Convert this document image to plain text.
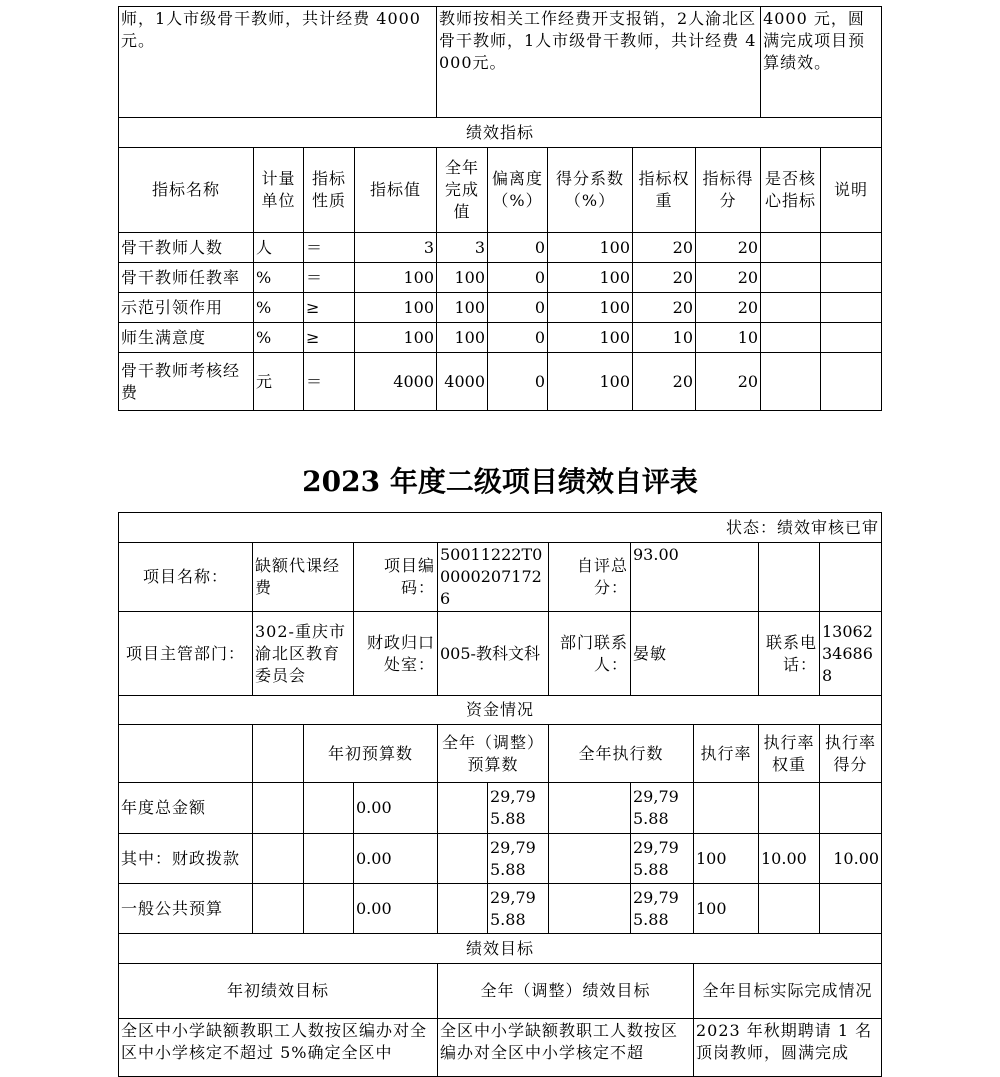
师，1人市级骨干教师，共计经费 4000元。				教师按相关工作经费开支报销，2人渝北区骨干教师，1人市级骨干教师，共计经费 4000元。					4000 元，圆满完成项目预算绩效。	
绩效指标										
指标名称	计量单位	指标性质	指标值	全年完成值	偏离度（%）	得分系数（%）	指标权重	指标得分	是否核心指标	说明
骨干教师人数	人	＝	3	3	0	100	20	20		
骨干教师任教率	%	＝	100	100	0	100	20	20		
示范引领作用	%	≥	100	100	0	100	20	20		
师生满意度	%	≥	100	100	0	100	10	10		
骨干教师考核经费	元	＝	4000	4000	0	100	20	20		
2023 年度二级项目绩效自评表
状态：绩效审核已审										
项目名称：	缺额代课经费		项目编码：	50011222T000002071726		自评总分：	93.00			
项目主管部门：	302-重庆市渝北区教育委员会		财政归口处室：	005-教科文科		部门联系人：	晏敏		联系电话：	13062346868
资金情况										
		年初预算数		全年（调整）预算数		全年执行数		执行率	执行率权重	执行率得分
年度总金额			0.00		29,795.88		29,795.88			
其中：财政拨款			0.00		29,795.88		29,795.88	100	10.00	10.00
一般公共预算			0.00		29,795.88		29,795.88	100		
绩效目标										
年初绩效目标				全年（调整）绩效目标				全年目标实际完成情况		
全区中小学缺额教职工人数按区编办对全区中小学核定不超过 5%确定全区中				全区中小学缺额教职工人数按区编办对全区中小学核定不超				2023 年秋期聘请 1 名顶岗教师，圆满完成		
